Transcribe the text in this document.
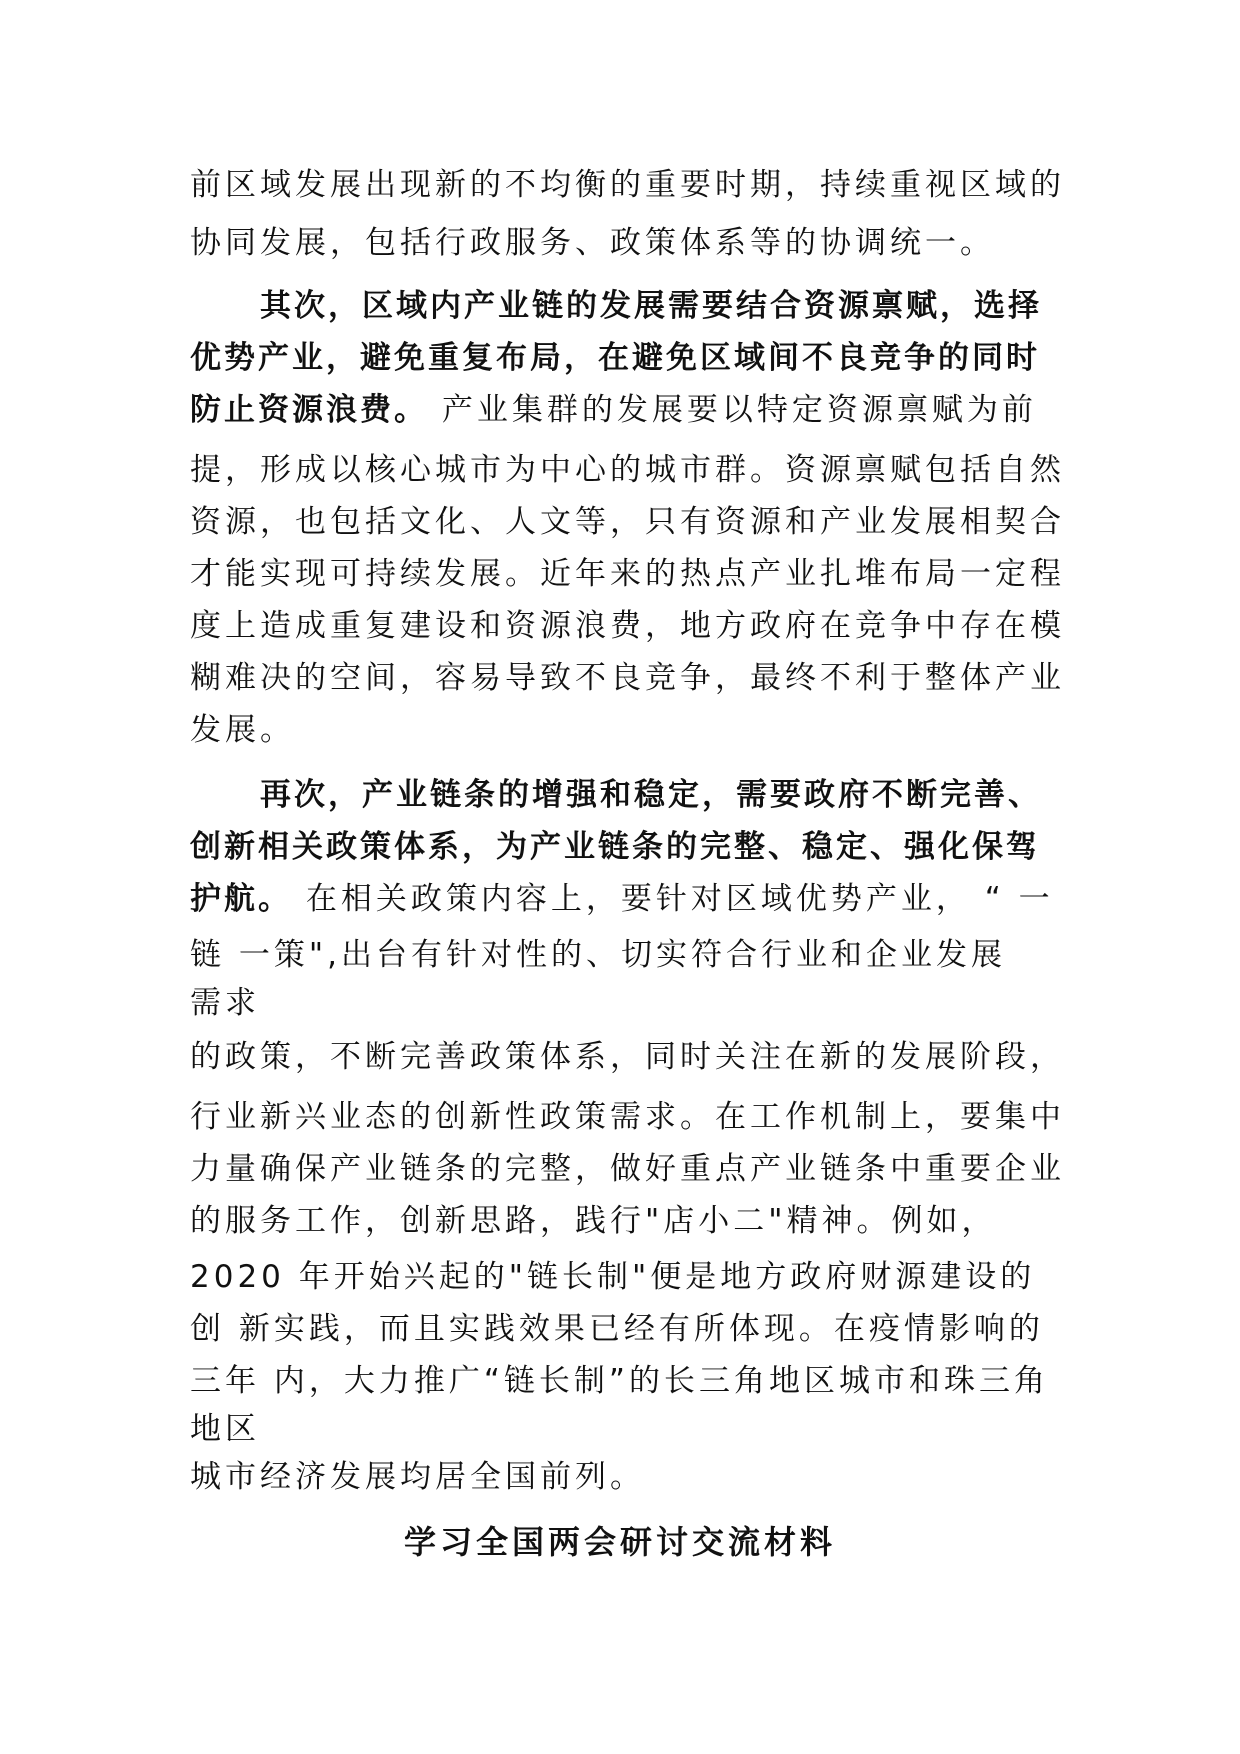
前区域发展出现新的不均衡的重要时期，持续重视区域的
协同发展，包括行政服务、政策体系等的协调统一。
其次，区域内产业链的发展需要结合资源禀赋，选择
优势产业，避免重复布局，在避免区域间不良竞争的同时
防止资源浪费。 产业集群的发展要以特定资源禀赋为前
提，形成以核心城市为中心的城市群。资源禀赋包括自然
资源，也包括文化、人文等，只有资源和产业发展相契合
才能实现可持续发展。近年来的热点产业扎堆布局一定程
度上造成重复建设和资源浪费，地方政府在竞争中存在模
糊难决的空间，容易导致不良竞争，最终不利于整体产业
发展。
再次，产业链条的增强和稳定，需要政府不断完善、
创新相关政策体系，为产业链条的完整、稳定、强化保驾
护航。 在相关政策内容上，要针对区域优势产业， “ 一
链 一策",出台有针对性的、切实符合行业和企业发展
需求
的政策，不断完善政策体系，同时关注在新的发展阶段，
行业新兴业态的创新性政策需求。在工作机制上，要集中
力量确保产业链条的完整，做好重点产业链条中重要企业
的服务工作，创新思路，践行"店小二"精神。例如，
2020 年开始兴起的"链长制"便是地方政府财源建设的
创 新实践，而且实践效果已经有所体现。在疫情影响的
三年 内，大力推广“链长制”的长三角地区城市和珠三角
地区
城市经济发展均居全国前列。
学习全国两会研讨交流材料
